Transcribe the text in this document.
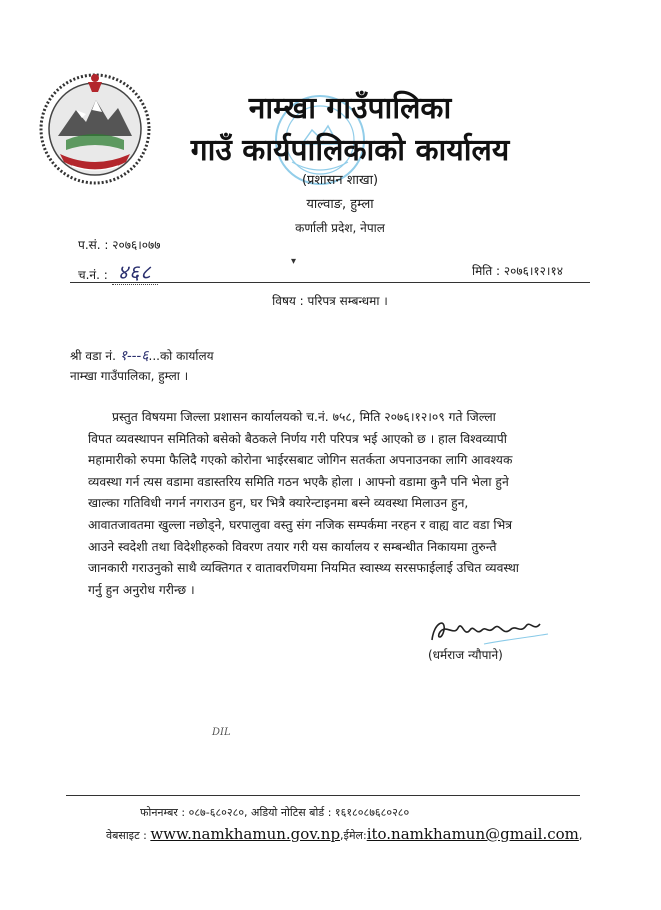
नाम्खा गाउँपालिका
गाउँ कार्यपालिकाको कार्यालय
(प्रशासन शाखा)
याल्वाङ, हुम्ला
कर्णाली प्रदेश, नेपाल
प.सं. : २०७६।०७७
च.नं. : ४६८	▾
मिति : २०७६।१२।१४
विषय : परिपत्र सम्बन्धमा ।
श्री वडा नं. १---६...को कार्यालय
नाम्खा गाउँपालिका, हुम्ला ।
प्रस्तुत विषयमा जिल्ला प्रशासन कार्यालयको च.नं. ७५८, मिति २०७६।१२।०९ गते जिल्ला
विपत व्यवस्थापन समितिको बसेको बैठकले निर्णय गरी परिपत्र भई आएको छ । हाल विश्वव्यापी
महामारीको रुपमा फैलिदै गएको कोरोना भाईरसबाट जोगिन सतर्कता अपनाउनका लागि आवश्यक
व्यवस्था गर्न त्यस वडामा वडास्तरिय समिति गठन भएकै होला । आफ्नो वडामा कुनै पनि भेला हुने
खाल्का गतिविधी नगर्न नगराउन हुन, घर भित्रै क्यारेन्टाइनमा बस्ने व्यवस्था मिलाउन हुन,
आवातजावतमा खुल्ला नछोड्ने, घरपालुवा वस्तु संग नजिक सम्पर्कमा नरहन र वाह्य वाट वडा भित्र
आउने स्वदेशी तथा विदेशीहरुको विवरण तयार गरी यस कार्यालय र सम्बन्धीत निकायमा तुरुन्तै
जानकारी गराउनुको साथै व्यक्तिगत र वातावरणियमा नियमित स्वास्थ्य सरसफाईलाई उचित व्यवस्था
गर्नु हुन अनुरोध गरीन्छ ।
(धर्मराज न्यौपाने)
DIL
फोननम्बर : ०८७-६८०२८०, अडियो नोटिस बोर्ड : १६१८०८७६८०२८०
वेबसाइट : www.namkhamun.gov.np,ईमेल:ito.namkhamun@gmail.com,
